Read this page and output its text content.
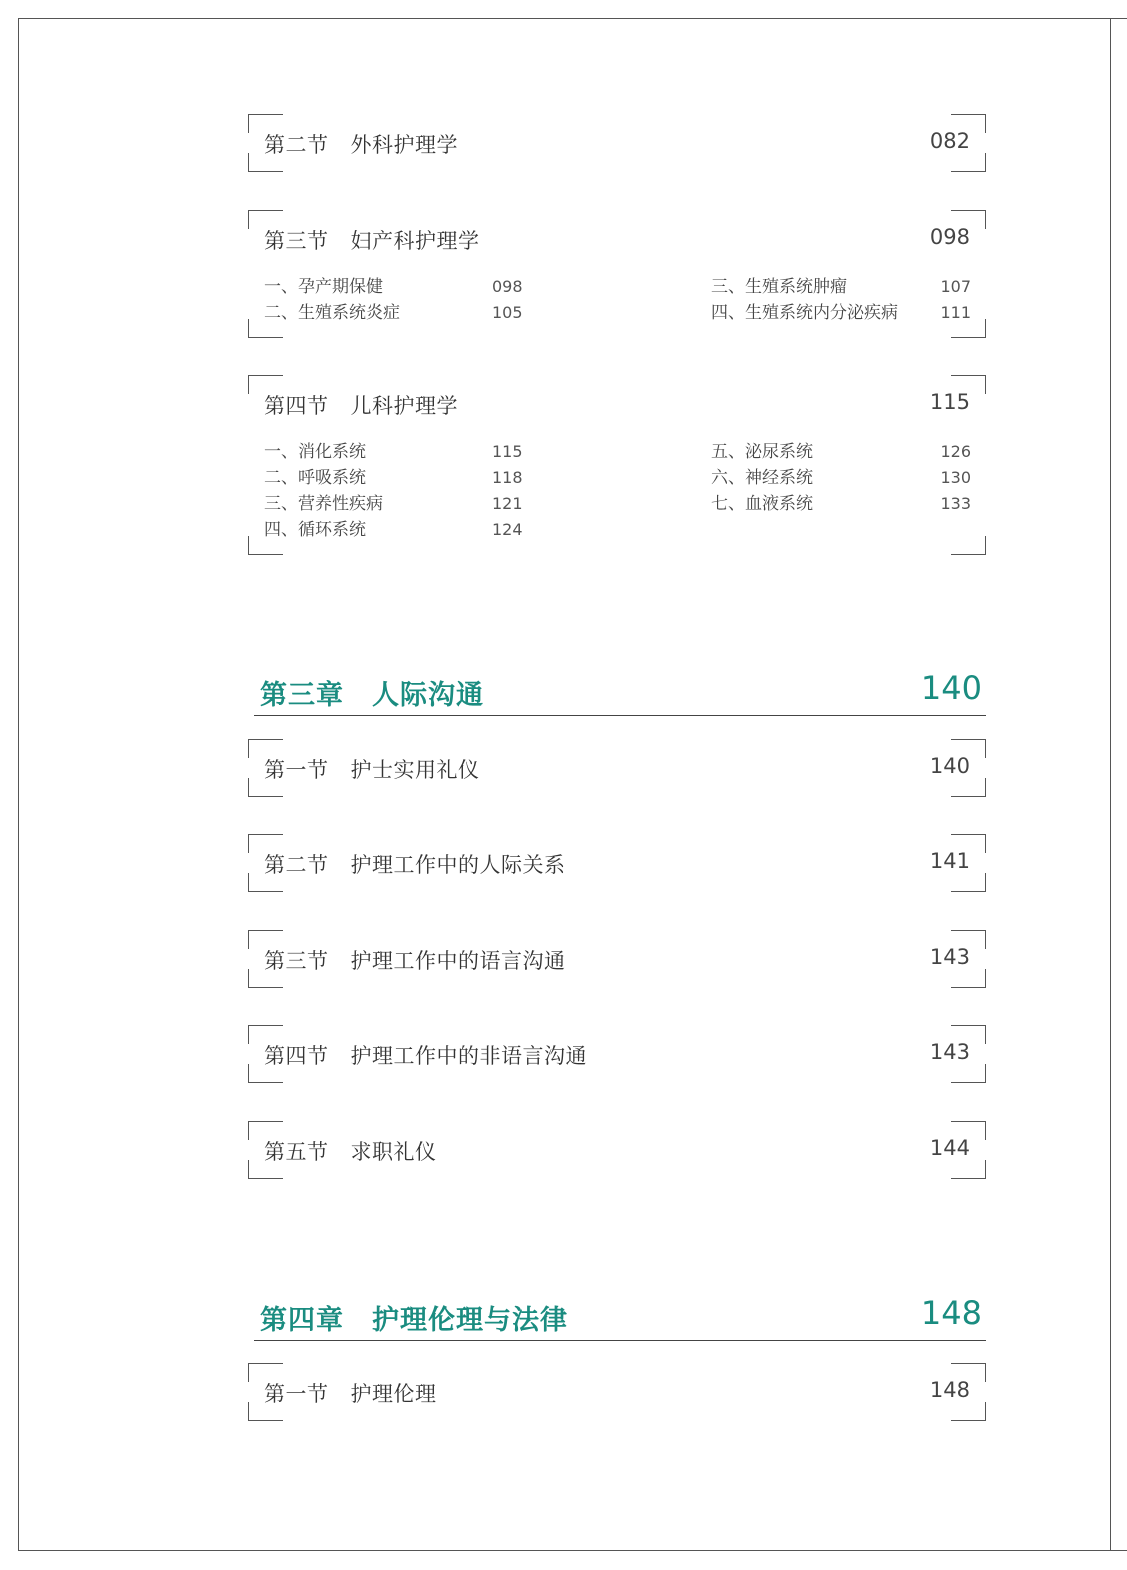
第二节 外科护理学	082
第三节 妇产科护理学	098
一、孕产期保健	098
二、生殖系统炎症	105
三、生殖系统肿瘤	107
四、生殖系统内分泌疾病	111
第四节 儿科护理学	115
一、消化系统	115
二、呼吸系统	118
三、营养性疾病	121
四、循环系统	124
五、泌尿系统	126
六、神经系统	130
七、血液系统	133
第三章 人际沟通	140
第一节 护士实用礼仪	140
第二节 护理工作中的人际关系	141
第三节 护理工作中的语言沟通	143
第四节 护理工作中的非语言沟通	143
第五节 求职礼仪	144
第四章 护理伦理与法律	148
第一节 护理伦理	148
